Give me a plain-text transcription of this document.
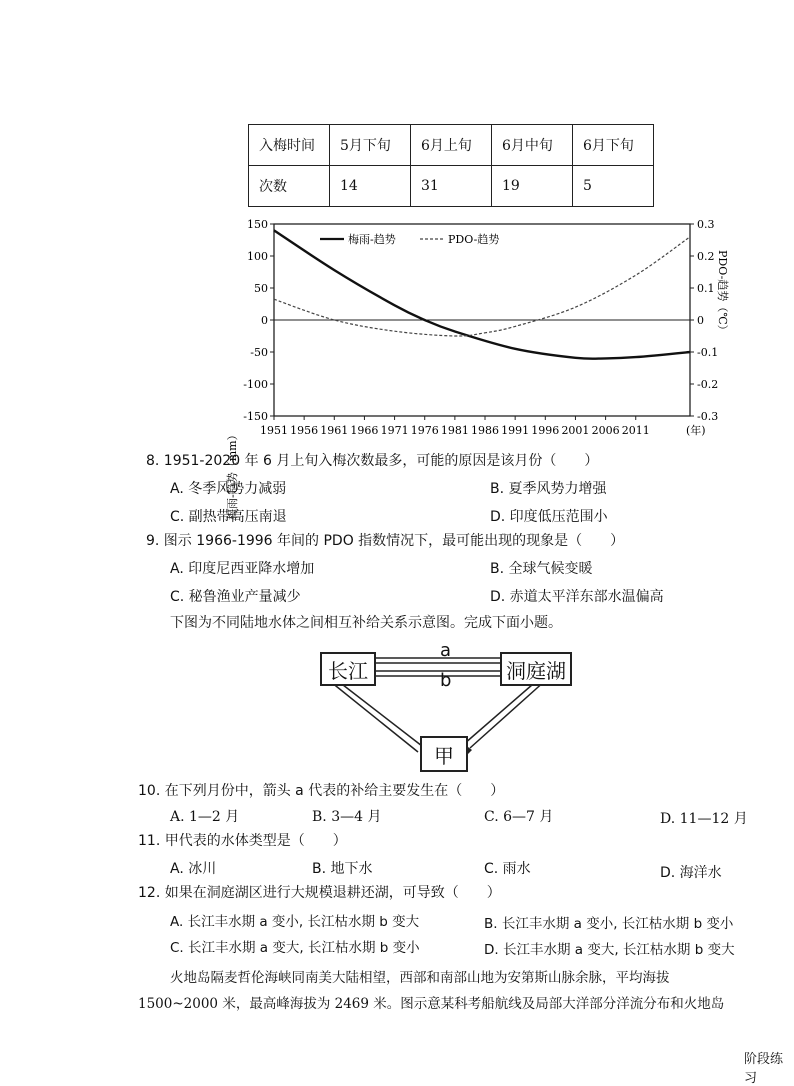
入梅时间	5月下旬	6月上旬	6月中旬	6月下旬
次数	14	31	19	5
150
100
50
0
-50
-100
-150
0.3
0.2
0.1
0
-0.1
-0.2
-0.3
1951 1956 1961 1966 1971 1976 1981 1986 1991 1996 2001 2006 2011	(年)
梅雨-趋势	PDO-趋势
梅雨-趋势（mm）
PDO-趋势（℃）
8. 1951-2020 年 6 月上旬入梅次数最多，可能的原因是该月份（　　）
A. 冬季风势力减弱	B. 夏季风势力增强
C. 副热带高压南退	D. 印度低压范围小
9. 图示 1966-1996 年间的 PDO 指数情况下，最可能出现的现象是（　　）
A. 印度尼西亚降水增加	B. 全球气候变暖
C. 秘鲁渔业产量减少	D. 赤道太平洋东部水温偏高
下图为不同陆地水体之间相互补给关系示意图。完成下面小题。
长江	洞庭湖
甲
a
b
10. 在下列月份中，箭头 a 代表的补给主要发生在（　　）
A. 1—2 月	B. 3—4 月	C. 6—7 月	D. 11—12 月
11. 甲代表的水体类型是（　　）
A. 冰川	B. 地下水	C. 雨水	D. 海洋水
12. 如果在洞庭湖区进行大规模退耕还湖，可导致（　　）
A. 长江丰水期 a 变小, 长江枯水期 b 变大	B. 长江丰水期 a 变小, 长江枯水期 b 变小
C. 长江丰水期 a 变大, 长江枯水期 b 变小	D. 长江丰水期 a 变大, 长江枯水期 b 变大
火地岛隔麦哲伦海峡同南美大陆相望，西部和南部山地为安第斯山脉余脉，平均海拔
1500~2000 米，最高峰海拔为 2469 米。图示意某科考船航线及局部大洋部分洋流分布和火地岛
阶段练习
